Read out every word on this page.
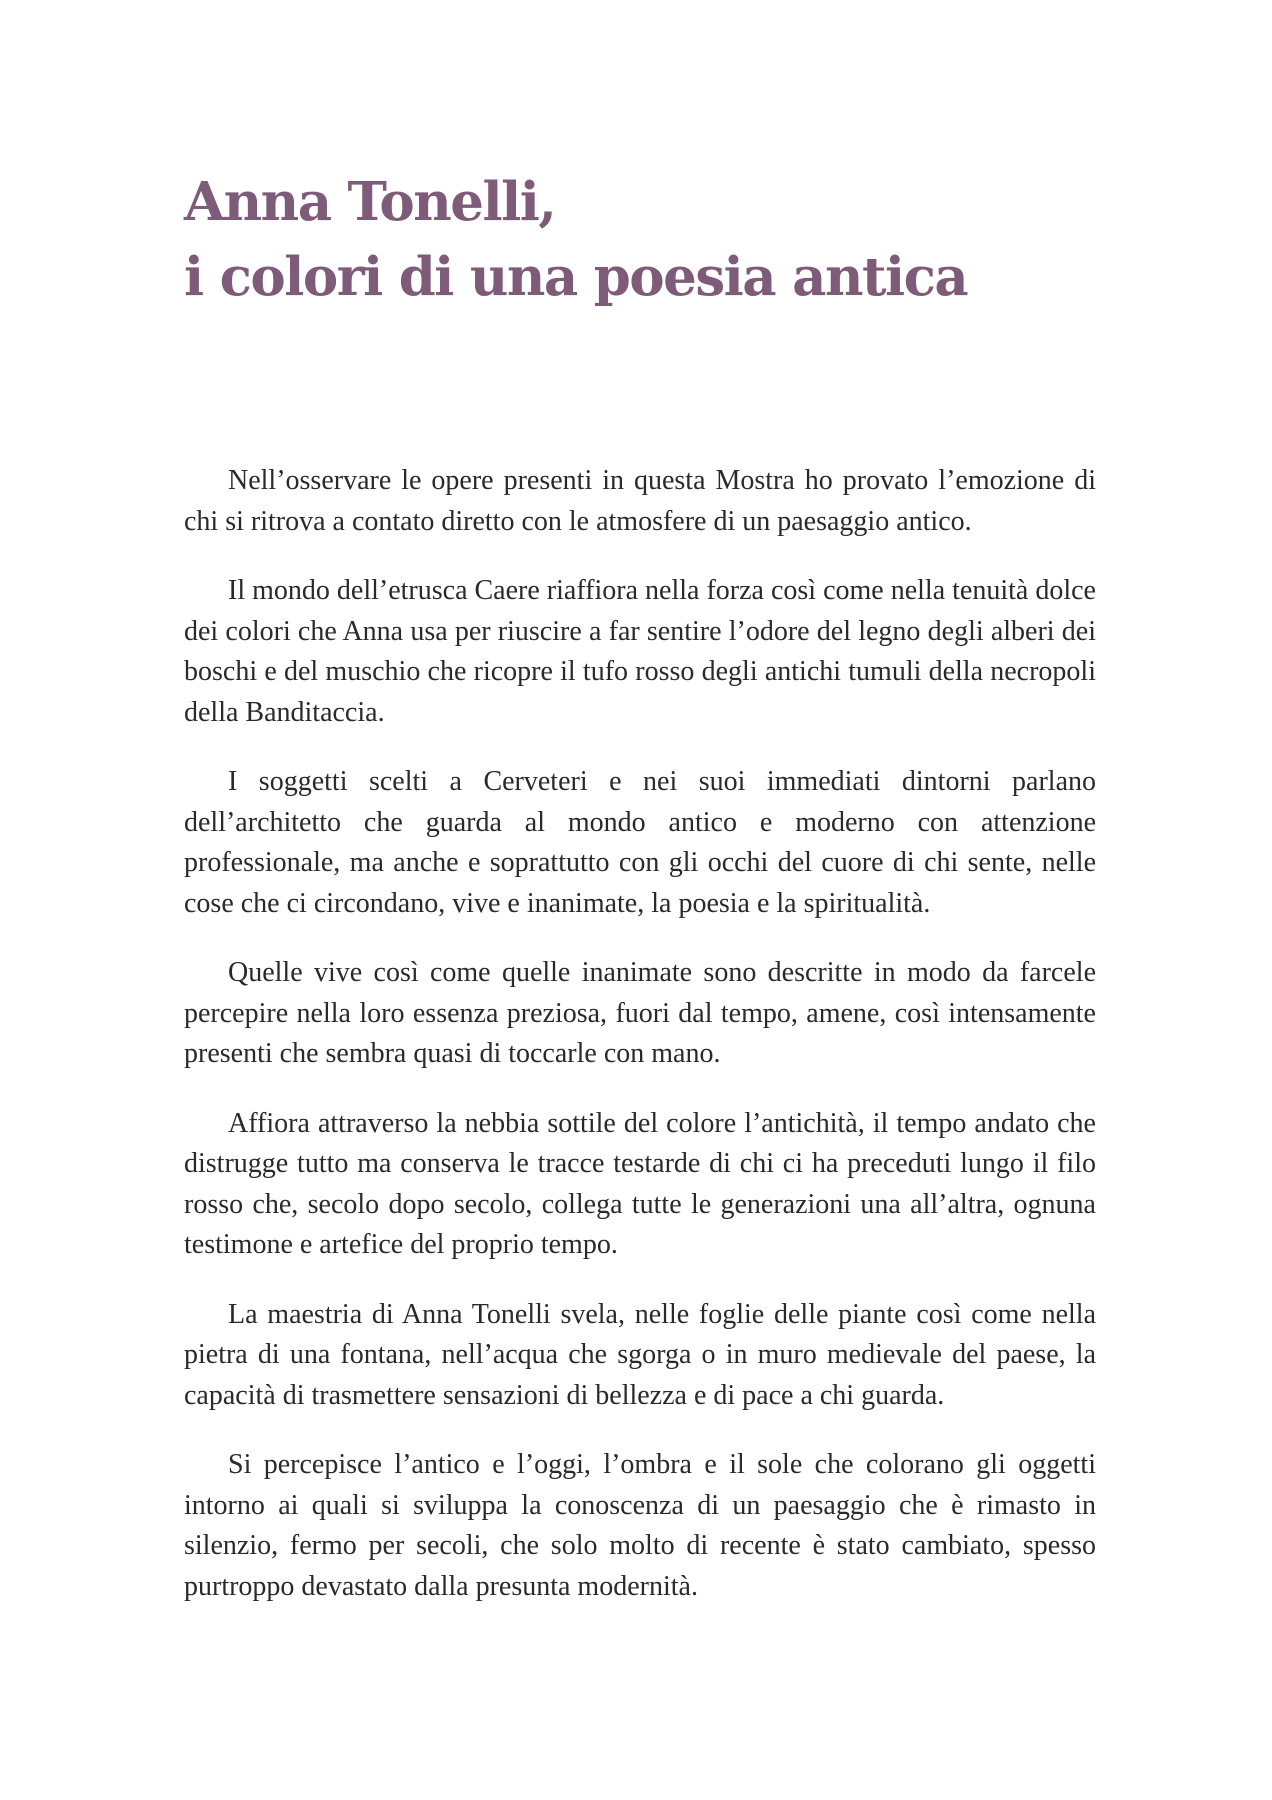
Anna Tonelli,
i colori di una poesia antica

Nell’osservare le opere presenti in questa Mostra ho provato l’emozione di chi si ritrova a contato diretto con le atmosfere di un paesaggio antico.

Il mondo dell’etrusca Caere riaffiora nella forza così come nella tenuità dolce dei colori che Anna usa per riuscire a far sentire l’odore del legno degli alberi dei boschi e del muschio che ricopre il tufo rosso degli antichi tumuli della necropoli della Banditaccia.

I soggetti scelti a Cerveteri e nei suoi immediati dintorni parlano dell’architetto che guarda al mondo antico e moderno con attenzione professionale, ma anche e soprattutto con gli occhi del cuore di chi sente, nelle cose che ci circondano, vive e inanimate, la poesia e la spiritualità.

Quelle vive così come quelle inanimate sono descritte in modo da farcele percepire nella loro essenza preziosa, fuori dal tempo, amene, così intensamente presenti che sembra quasi di toccarle con mano.

Affiora attraverso la nebbia sottile del colore l’antichità, il tempo andato che distrugge tutto ma conserva le tracce testarde di chi ci ha preceduti lungo il filo rosso che, secolo dopo secolo, collega tutte le generazioni una all’altra, ognuna testimone e artefice del proprio tempo.

La maestria di Anna Tonelli svela, nelle foglie delle piante così come nella pietra di una fontana, nell’acqua che sgorga o in muro medievale del paese, la capacità di trasmettere sensazioni di bellezza e di pace a chi guarda.

Si percepisce l’antico e l’oggi, l’ombra e il sole che colorano gli oggetti intorno ai quali si sviluppa la conoscenza di un paesaggio che è rimasto in silenzio, fermo per secoli, che solo molto di recente è stato cambiato, spesso purtroppo devastato dalla presunta modernità.
